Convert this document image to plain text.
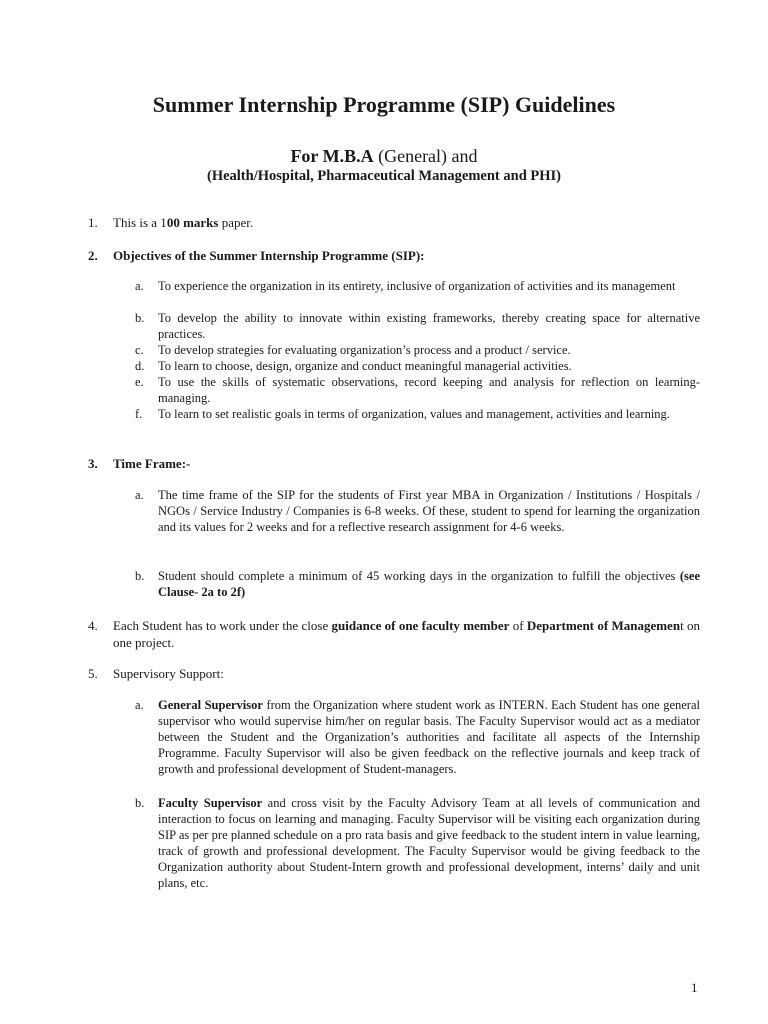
Summer Internship Programme (SIP) Guidelines

For M.B.A (General) and

(Health/Hospital, Pharmaceutical Management and PHI)

1. This is a 100 marks paper.
2. Objectives of the Summer Internship Programme (SIP):
a. To experience the organization in its entirety, inclusive of organization of activities and its management
b. To develop the ability to innovate within existing frameworks, thereby creating space for alternative practices.
c. To develop strategies for evaluating organization’s process and a product / service.
d. To learn to choose, design, organize and conduct meaningful managerial activities.
e. To use the skills of systematic observations, record keeping and analysis for reflection on learning-managing.
f. To learn to set realistic goals in terms of organization, values and management, activities and learning.
3. Time Frame:-
a. The time frame of the SIP for the students of First year MBA in Organization / Institutions / Hospitals / NGOs / Service Industry / Companies is 6-8 weeks. Of these, student to spend for learning the organization and its values for 2 weeks and for a reflective research assignment for 4-6 weeks.
b. Student should complete a minimum of 45 working days in the organization to fulfill the objectives (see Clause- 2a to 2f)
4. Each Student has to work under the close guidance of one faculty member of Department of Management on one project.
5. Supervisory Support:
a. General Supervisor from the Organization where student work as INTERN. Each Student has one general supervisor who would supervise him/her on regular basis. The Faculty Supervisor would act as a mediator between the Student and the Organization’s authorities and facilitate all aspects of the Internship Programme. Faculty Supervisor will also be given feedback on the reflective journals and keep track of growth and professional development of Student-managers.
b. Faculty Supervisor and cross visit by the Faculty Advisory Team at all levels of communication and interaction to focus on learning and managing. Faculty Supervisor will be visiting each organization during SIP as per pre planned schedule on a pro rata basis and give feedback to the student intern in value learning, track of growth and professional development. The Faculty Supervisor would be giving feedback to the Organization authority about Student-Intern growth and professional development, interns’ daily and unit plans, etc.
1
